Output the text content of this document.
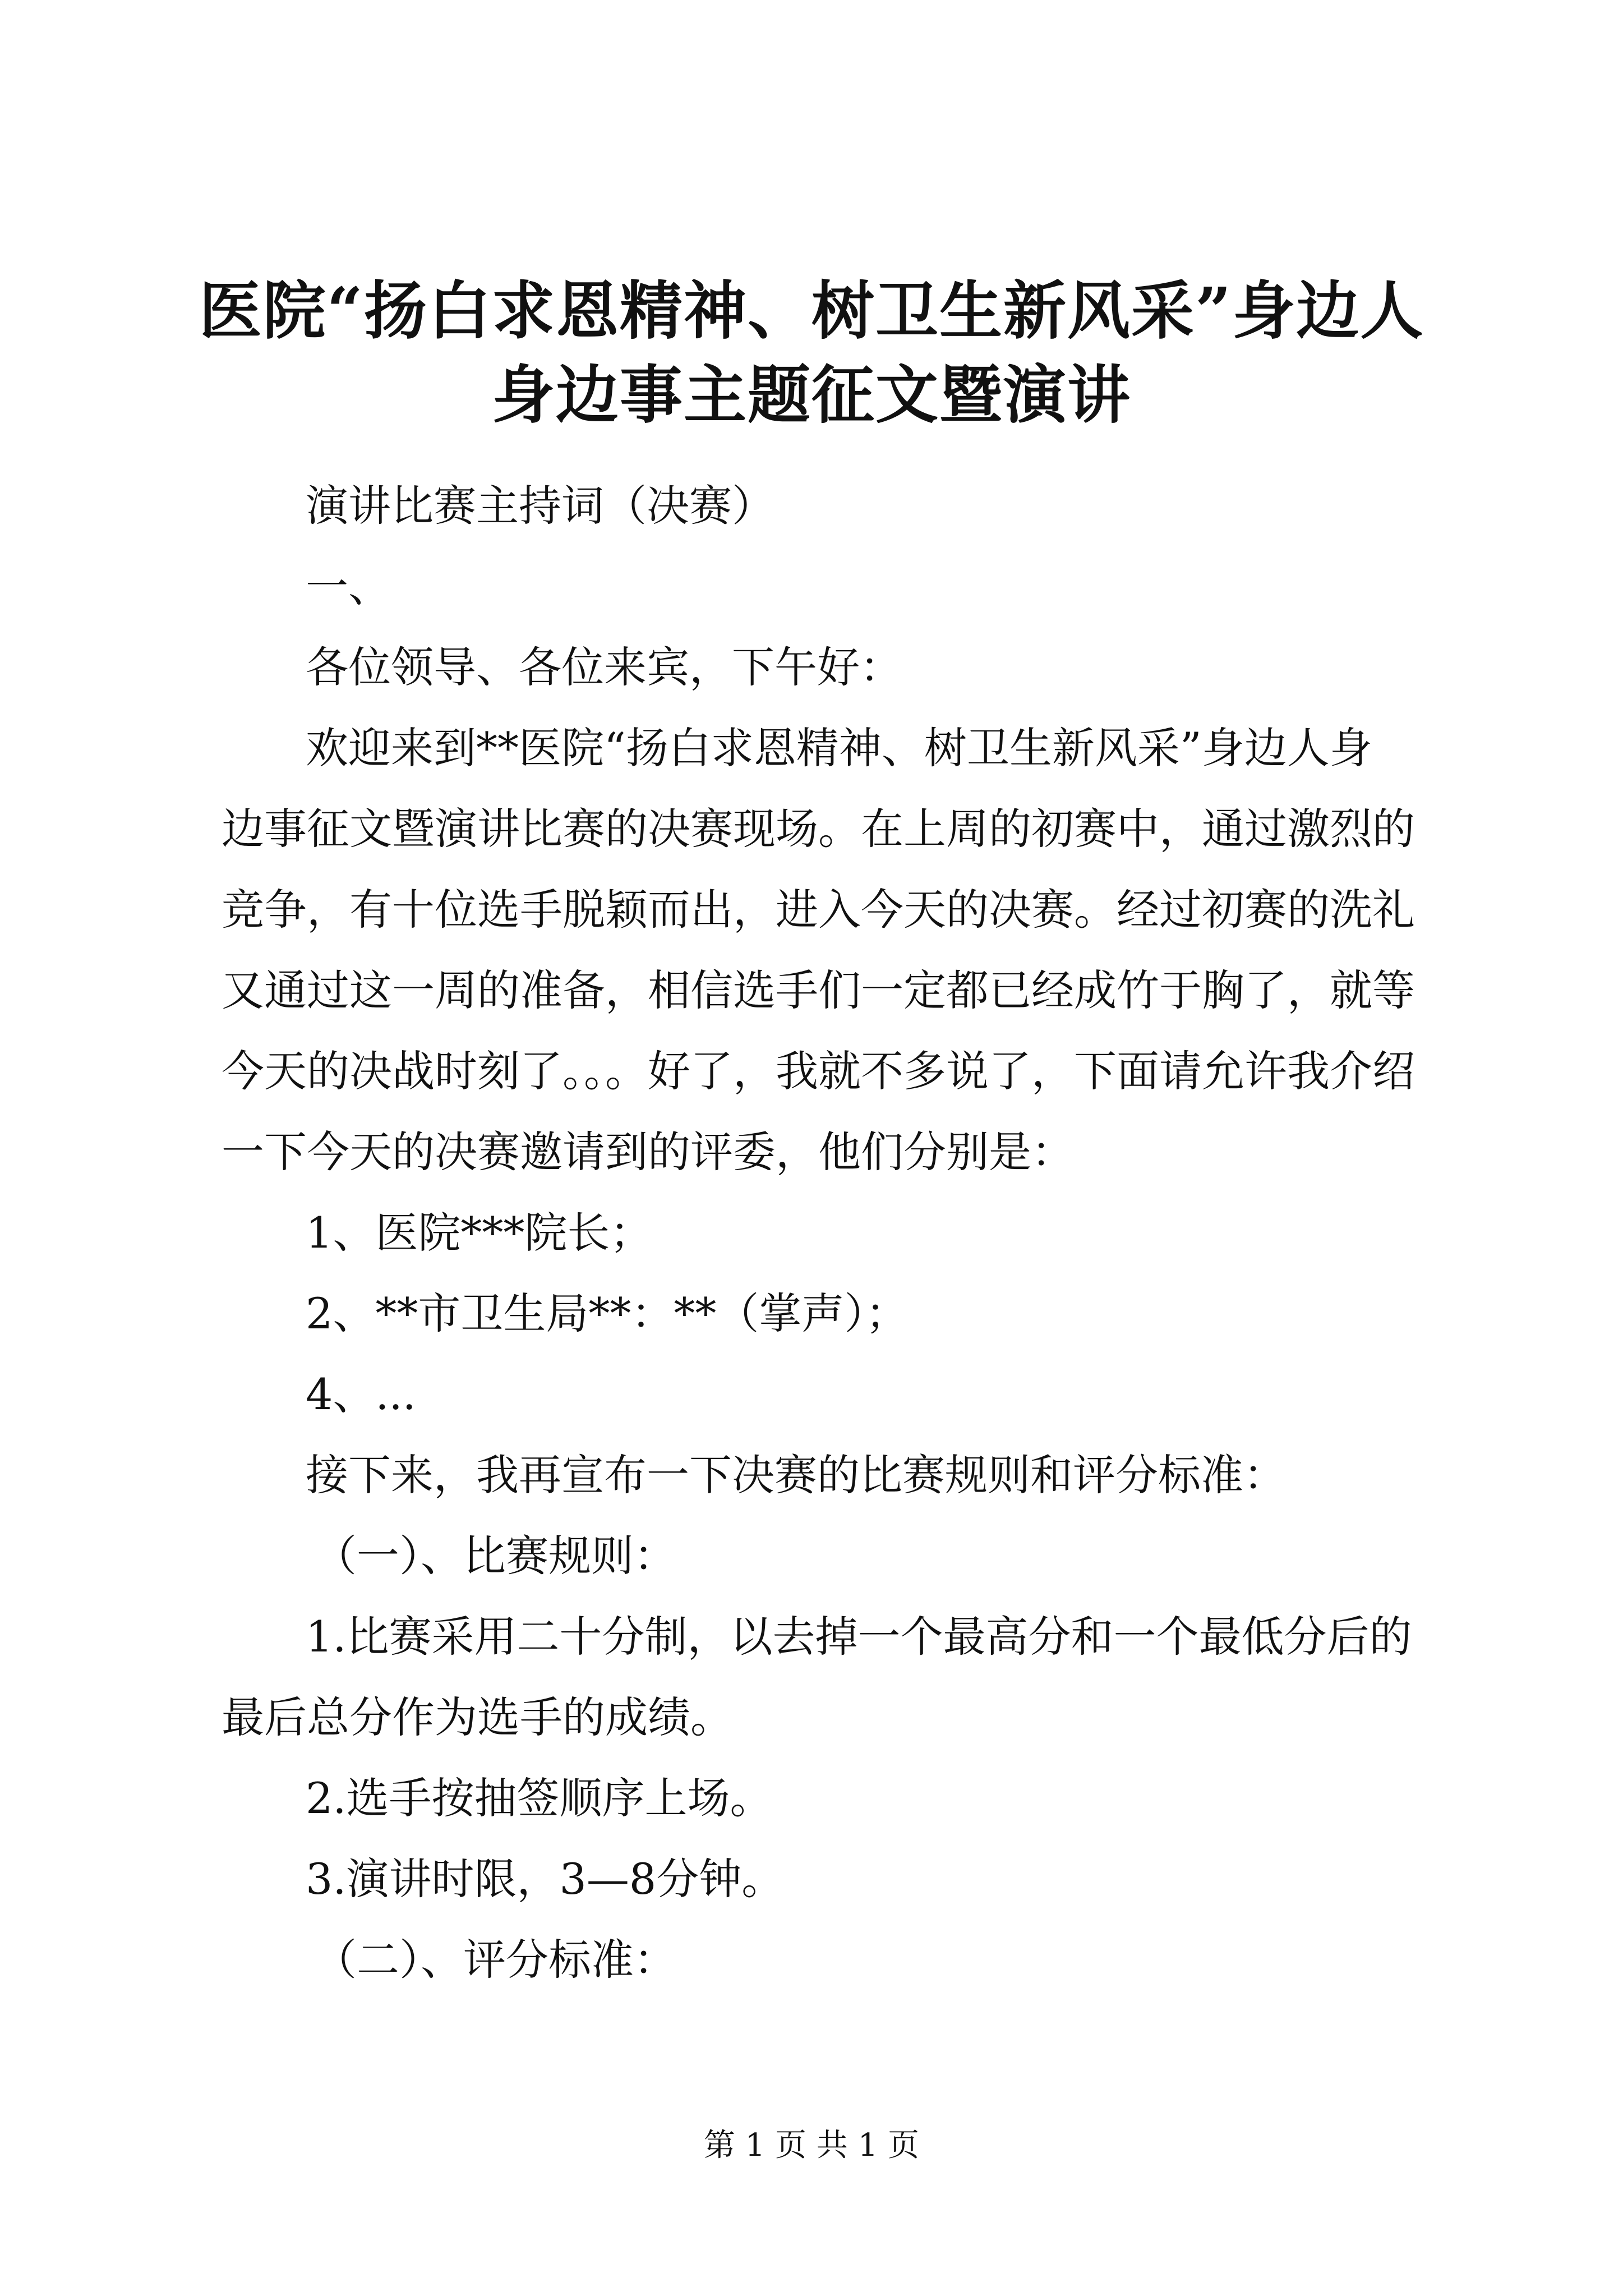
医院“扬白求恩精神、树卫生新风采”身边人
身边事主题征文暨演讲

演讲比赛主持词（决赛）

一、

各位领导、各位来宾，下午好：

欢迎来到**医院“扬白求恩精神、树卫生新风采”身边人身

边事征文暨演讲比赛的决赛现场。在上周的初赛中，通过激烈的

竞争，有十位选手脱颖而出，进入今天的决赛。经过初赛的洗礼

又通过这一周的准备，相信选手们一定都已经成竹于胸了，就等

今天的决战时刻了。。。好了，我就不多说了，下面请允许我介绍

一下今天的决赛邀请到的评委，他们分别是：

1、医院***院长；

2、**市卫生局**：**（掌声）；

4、...

接下来，我再宣布一下决赛的比赛规则和评分标准：

（一）、比赛规则：

1.比赛采用二十分制，以去掉一个最高分和一个最低分后的

最后总分作为选手的成绩。

2.选手按抽签顺序上场。

3.演讲时限，3—8分钟。

（二）、评分标准：

第 1 页 共 1 页
